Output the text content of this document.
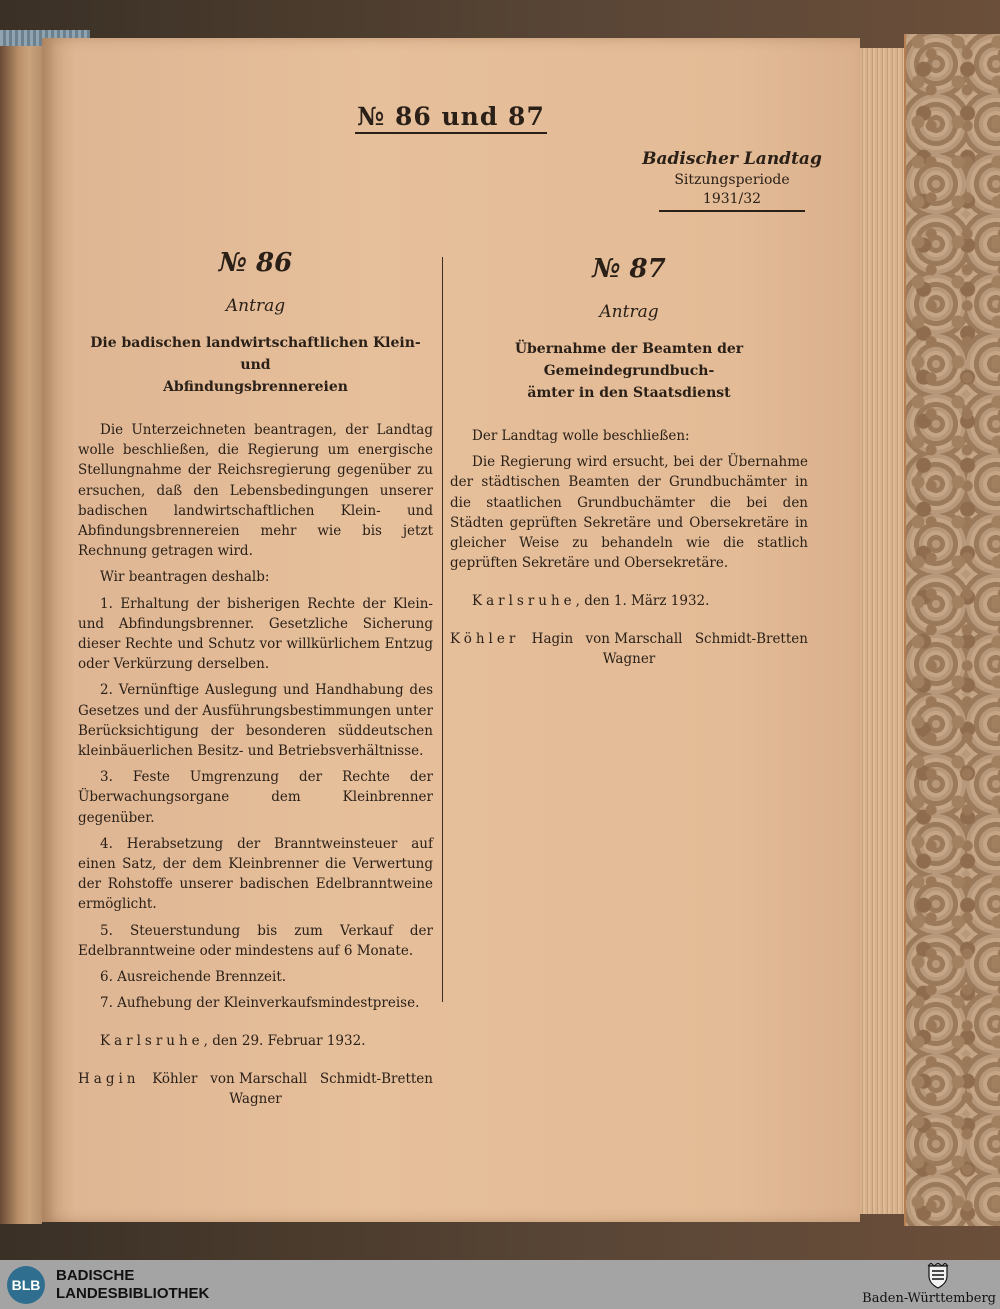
№ 86 und 87
Badischer Landtag
Sitzungsperiode
1931/32
№ 86
Antrag
Die badischen landwirtschaftlichen Klein- und
Abfindungsbrennereien

Die Unterzeichneten beantragen, der Landtag wolle beschließen, die Regierung um energische Stellungnahme der Reichsregierung gegenüber zu ersuchen, daß den Lebensbedingungen unserer badischen landwirtschaftlichen Klein- und Abfindungsbrennereien mehr wie bis jetzt Rechnung getragen wird.

Wir beantragen deshalb:

1. Erhaltung der bisherigen Rechte der Klein- und Abfindungsbrenner. Gesetzliche Sicherung dieser Rechte und Schutz vor willkürlichem Entzug oder Verkürzung derselben.

2. Vernünftige Auslegung und Handhabung des Gesetzes und der Ausführungsbestimmungen unter Berücksichtigung der besonderen süddeutschen kleinbäuerlichen Besitz- und Betriebsverhältnisse.

3. Feste Umgrenzung der Rechte der Überwachungsorgane dem Kleinbrenner gegenüber.

4. Herabsetzung der Branntweinsteuer auf einen Satz, der dem Kleinbrenner die Verwertung der Rohstoffe unserer badischen Edelbranntweine ermöglicht.

5. Steuerstundung bis zum Verkauf der Edelbranntweine oder mindestens auf 6 Monate.

6. Ausreichende Brennzeit.

7. Aufhebung der Kleinverkaufsmindestpreise.

Karlsruhe, den 29. Februar 1932.
Hagin Köhler von Marschall Schmidt-Bretten
Wagner
№ 87
Antrag
Übernahme der Beamten der Gemeindegrundbuch-
ämter in den Staatsdienst

Der Landtag wolle beschließen:

Die Regierung wird ersucht, bei der Übernahme der städtischen Beamten der Grundbuchämter in die staatlichen Grundbuchämter die bei den Städten geprüften Sekretäre und Obersekretäre in gleicher Weise zu behandeln wie die statlich geprüften Sekretäre und Obersekretäre.

Karlsruhe, den 1. März 1932.
Köhler Hagin von Marschall Schmidt-Bretten
Wagner
BLB
BADISCHE
LANDESBIBLIOTHEK	Baden-Württemberg
